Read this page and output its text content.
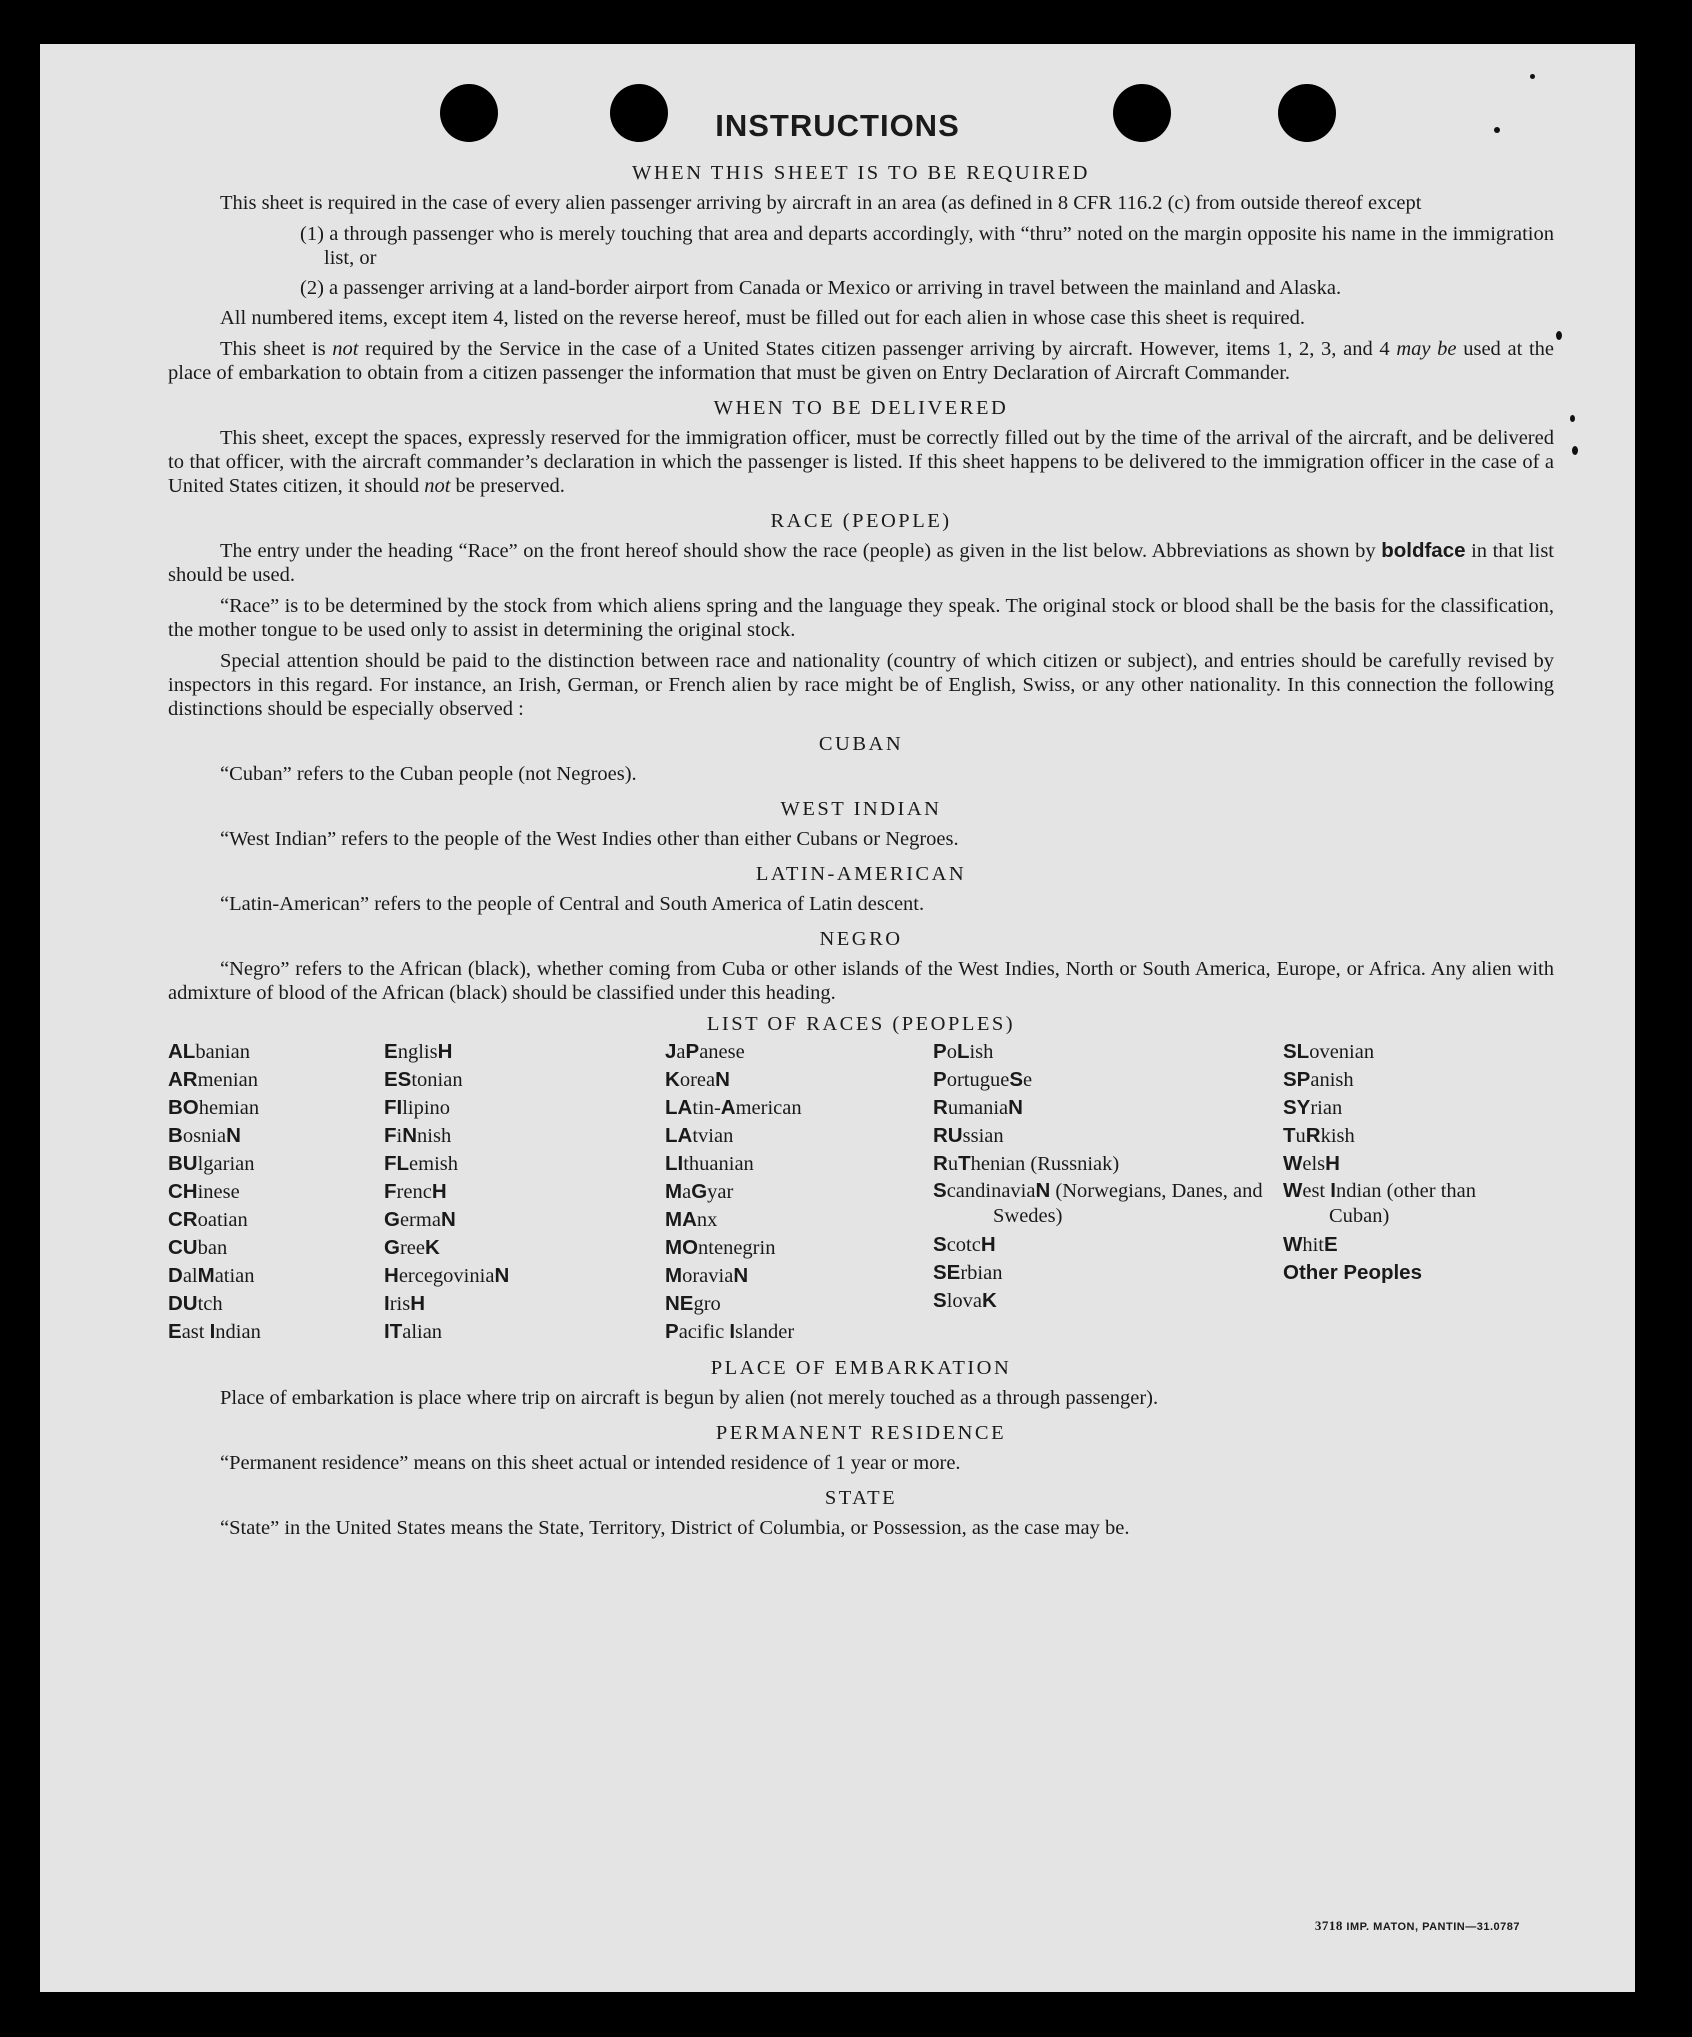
INSTRUCTIONS
WHEN THIS SHEET IS TO BE REQUIRED

This sheet is required in the case of every alien passenger arriving by aircraft in an area (as defined in 8 CFR 116.2 (c) from outside thereof except

(1) a through passenger who is merely touching that area and departs accordingly, with “thru” noted on the margin opposite his name in the immigration list, or
(2) a passenger arriving at a land-border airport from Canada or Mexico or arriving in travel between the mainland and Alaska.

All numbered items, except item 4, listed on the reverse hereof, must be filled out for each alien in whose case this sheet is required.

This sheet is not required by the Service in the case of a United States citizen passenger arriving by aircraft. However, items 1, 2, 3, and 4 may be used at the place of embarkation to obtain from a citizen passenger the information that must be given on Entry Declaration of Aircraft Commander.

WHEN TO BE DELIVERED

This sheet, except the spaces, expressly reserved for the immigration officer, must be correctly filled out by the time of the arrival of the aircraft, and be delivered to that officer, with the aircraft commander’s declaration in which the passenger is listed. If this sheet happens to be delivered to the immigration officer in the case of a United States citizen, it should not be preserved.

RACE (PEOPLE)

The entry under the heading “Race” on the front hereof should show the race (people) as given in the list below. Abbreviations as shown by boldface in that list should be used.

“Race” is to be determined by the stock from which aliens spring and the language they speak. The original stock or blood shall be the basis for the classification, the mother tongue to be used only to assist in determining the original stock.

Special attention should be paid to the distinction between race and nationality (country of which citizen or subject), and entries should be carefully revised by inspectors in this regard. For instance, an Irish, German, or French alien by race might be of English, Swiss, or any other nationality. In this connection the following distinctions should be especially observed :

CUBAN

“Cuban” refers to the Cuban people (not Negroes).

WEST INDIAN

“West Indian” refers to the people of the West Indies other than either Cubans or Negroes.

LATIN-AMERICAN

“Latin-American” refers to the people of Central and South America of Latin descent.

NEGRO

“Negro” refers to the African (black), whether coming from Cuba or other islands of the West Indies, North or South America, Europe, or Africa. Any alien with admixture of blood of the African (black) should be classified under this heading.

LIST OF RACES (PEOPLES)
ALbanian
ARmenian
BOhemian
BosniaN
BUlgarian
CHinese
CRoatian
CUban
DalMatian
DUtch
East Indian
EnglisH
EStonian
FIlipino
FiNnish
FLemish
FrencH
GermaN
GreeK
HercegoviniaN
IrisH
ITalian
JaPanese
KoreaN
LAtin-American
LAtvian
LIthuanian
MaGyar
MAnx
MOntenegrin
MoraviaN
NEgro
Pacific Islander
PoLish
PortugueSe
RumaniaN
RUssian
RuThenian (Russniak)
ScandinaviaN (Norwegians, Danes, and Swedes)
ScotcH
SErbian
SlovaK
SLovenian
SPanish
SYrian
TuRkish
WelsH
West Indian (other than Cuban)
WhitE
Other Peoples
PLACE OF EMBARKATION

Place of embarkation is place where trip on aircraft is begun by alien (not merely touched as a through passenger).

PERMANENT RESIDENCE

“Permanent residence” means on this sheet actual or intended residence of 1 year or more.

STATE

“State” in the United States means the State, Territory, District of Columbia, or Possession, as the case may be.

3718 IMP. MATON, PANTIN—31.0787
